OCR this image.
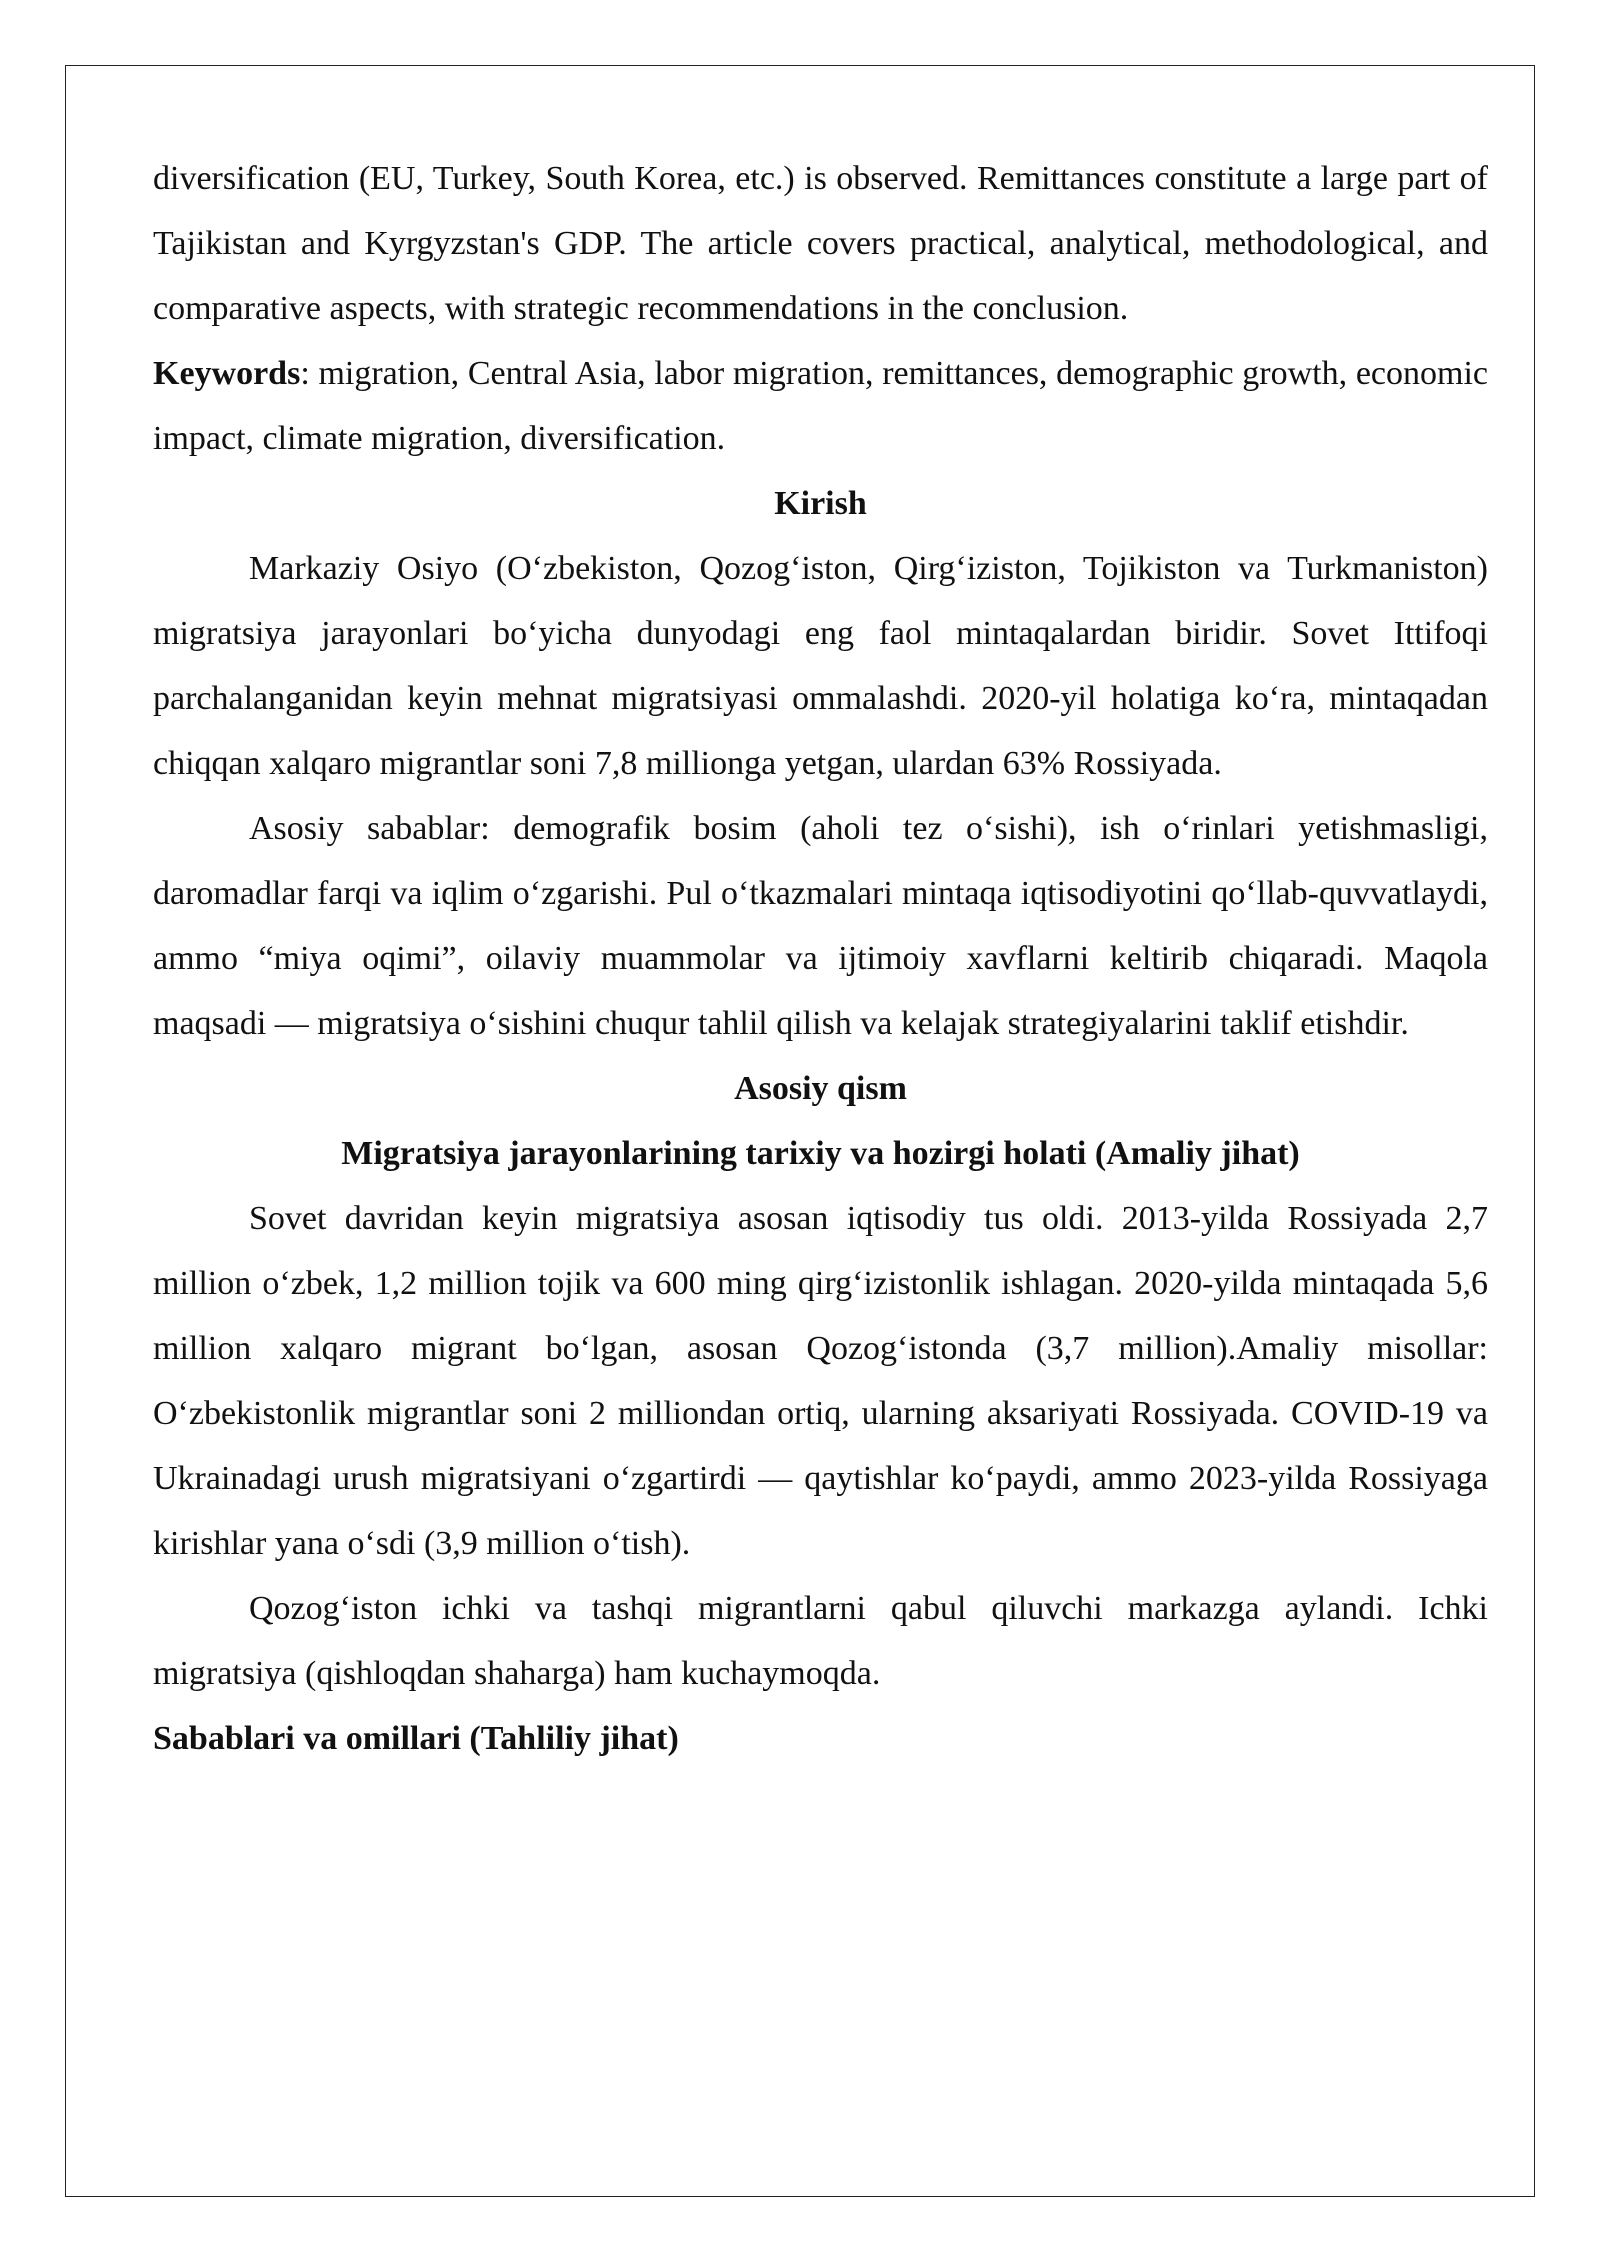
diversification (EU, Turkey, South Korea, etc.) is observed. Remittances constitute a large part of Tajikistan and Kyrgyzstan's GDP. The article covers practical, analytical, methodological, and comparative aspects, with strategic recommendations in the conclusion.

Keywords: migration, Central Asia, labor migration, remittances, demographic growth, economic impact, climate migration, diversification.

Kirish

Markaziy Osiyo (O‘zbekiston, Qozog‘iston, Qirg‘iziston, Tojikiston va Turkmaniston) migratsiya jarayonlari bo‘yicha dunyodagi eng faol mintaqalardan biridir. Sovet Ittifoqi parchalanganidan keyin mehnat migratsiyasi ommalashdi. 2020-yil holatiga ko‘ra, mintaqadan chiqqan xalqaro migrantlar soni 7,8 millionga yetgan, ulardan 63% Rossiyada.

Asosiy sabablar: demografik bosim (aholi tez o‘sishi), ish o‘rinlari yetishmasligi, daromadlar farqi va iqlim o‘zgarishi. Pul o‘tkazmalari mintaqa iqtisodiyotini qo‘llab-quvvatlaydi, ammo “miya oqimi”, oilaviy muammolar va ijtimoiy xavflarni keltirib chiqaradi. Maqola maqsadi — migratsiya o‘sishini chuqur tahlil qilish va kelajak strategiyalarini taklif etishdir.

Asosiy qism

Migratsiya jarayonlarining tarixiy va hozirgi holati (Amaliy jihat)

Sovet davridan keyin migratsiya asosan iqtisodiy tus oldi. 2013-yilda Rossiyada 2,7 million o‘zbek, 1,2 million tojik va 600 ming qirg‘izistonlik ishlagan. 2020-yilda mintaqada 5,6 million xalqaro migrant bo‘lgan, asosan Qozog‘istonda (3,7 million).Amaliy misollar: O‘zbekistonlik migrantlar soni 2 milliondan ortiq, ularning aksariyati Rossiyada. COVID-19 va Ukrainadagi urush migratsiyani o‘zgartirdi — qaytishlar ko‘paydi, ammo 2023-yilda Rossiyaga kirishlar yana o‘sdi (3,9 million o‘tish).

Qozog‘iston ichki va tashqi migrantlarni qabul qiluvchi markazga aylandi. Ichki migratsiya (qishloqdan shaharga) ham kuchaymoqda.

Sabablari va omillari (Tahliliy jihat)
